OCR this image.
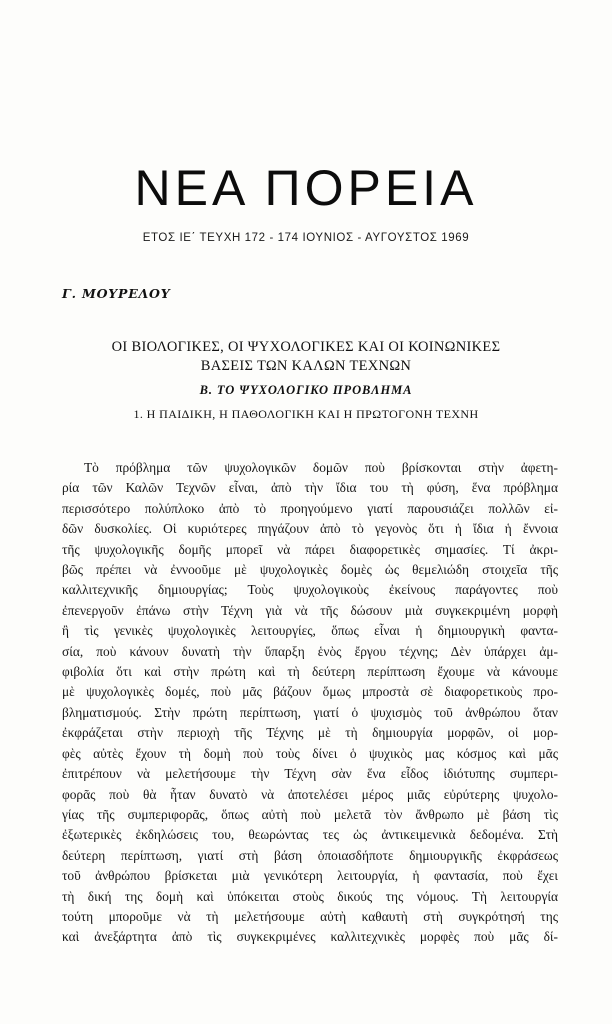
ΝΕΑ ΠΟΡΕΙΑ
ΕΤΟΣ ΙΕ΄ ΤΕΥΧΗ 172 - 174 ΙΟΥΝΙΟΣ - ΑΥΓΟΥΣΤΟΣ 1969
Γ. ΜΟΥΡΕΛΟΥ
ΟΙ ΒΙΟΛΟΓΙΚΕΣ, ΟΙ ΨΥΧΟΛΟΓΙΚΕΣ ΚΑΙ ΟΙ ΚΟΙΝΩΝΙΚΕΣ
ΒΑΣΕΙΣ ΤΩΝ ΚΑΛΩΝ ΤΕΧΝΩΝ
Β. ΤΟ ΨΥΧΟΛΟΓΙΚΟ ΠΡΟΒΛΗΜΑ
1. Η ΠΑΙΔΙΚΗ, Η ΠΑΘΟΛΟΓΙΚΗ ΚΑΙ Η ΠΡΩΤΟΓΟΝΗ ΤΕΧΝΗ
Τὸ πρόβλημα τῶν ψυχολογικῶν δομῶν ποὺ βρίσκονται στὴν ἀφετη-
ρία τῶν Καλῶν Τεχνῶν εἶναι, ἀπὸ τὴν ἴδια του τὴ φύση, ἕνα πρόβλημα
περισσότερο πολύπλοκο ἀπὸ τὸ προηγούμενο γιατί παρουσιάζει πολλῶν εἰ-
δῶν δυσκολίες. Οἱ κυριότερες πηγάζουν ἀπὸ τὸ γεγονὸς ὅτι ἡ ἴδια ἡ ἔννοια
τῆς ψυχολογικῆς δομῆς μπορεῖ νὰ πάρει διαφορετικὲς σημασίες. Τί ἀκρι-
βῶς πρέπει νὰ ἐννοοῦμε μὲ ψυχολογικὲς δομὲς ὡς θεμελιώδη στοιχεῖα τῆς
καλλιτεχνικῆς δημιουργίας; Τοὺς ψυχολογικοὺς ἐκείνους παράγοντες ποὺ
ἐπενεργοῦν ἐπάνω στὴν Τέχνη γιὰ νὰ τῆς δώσουν μιὰ συγκεκριμένη μορφὴ
ἢ τὶς γενικὲς ψυχολογικὲς λειτουργίες, ὅπως εἶναι ἡ δημιουργικὴ φαντα-
σία, ποὺ κάνουν δυνατὴ τὴν ὕπαρξη ἑνὸς ἔργου τέχνης; Δὲν ὑπάρχει ἀμ-
φιβολία ὅτι καὶ στὴν πρώτη καὶ τὴ δεύτερη περίπτωση ἔχουμε νὰ κάνουμε
μὲ ψυχολογικὲς δομές, ποὺ μᾶς βάζουν ὅμως μπροστὰ σὲ διαφορετικοὺς προ-
βληματισμούς. Στὴν πρώτη περίπτωση, γιατί ὁ ψυχισμὸς τοῦ ἀνθρώπου ὅταν
ἐκφράζεται στὴν περιοχὴ τῆς Τέχνης μὲ τὴ δημιουργία μορφῶν, οἱ μορ-
φὲς αὐτὲς ἔχουν τὴ δομὴ ποὺ τοὺς δίνει ὁ ψυχικὸς μας κόσμος καὶ μᾶς
ἐπιτρέπουν νὰ μελετήσουμε τὴν Τέχνη σὰν ἕνα εἶδος ἰδιότυπης συμπερι-
φορᾶς ποὺ θὰ ἦταν δυνατὸ νὰ ἀποτελέσει μέρος μιᾶς εὐρύτερης ψυχολο-
γίας τῆς συμπεριφορᾶς, ὅπως αὐτὴ ποὺ μελετᾶ τὸν ἄνθρωπο μὲ βάση τὶς
ἐξωτερικὲς ἐκδηλώσεις του, θεωρώντας τες ὡς ἀντικειμενικὰ δεδομένα. Στὴ
δεύτερη περίπτωση, γιατί στὴ βάση ὁποιασδήποτε δημιουργικῆς ἐκφράσεως
τοῦ ἀνθρώπου βρίσκεται μιὰ γενικότερη λειτουργία, ἡ φαντασία, ποὺ ἔχει
τὴ δική της δομὴ καὶ ὑπόκειται στοὺς δικούς της νόμους. Τὴ λειτουργία
τούτη μποροῦμε νὰ τὴ μελετήσουμε αὐτὴ καθαυτὴ στὴ συγκρότησή της
καὶ ἀνεξάρτητα ἀπὸ τὶς συγκεκριμένες καλλιτεχνικὲς μορφὲς ποὺ μᾶς δί-
